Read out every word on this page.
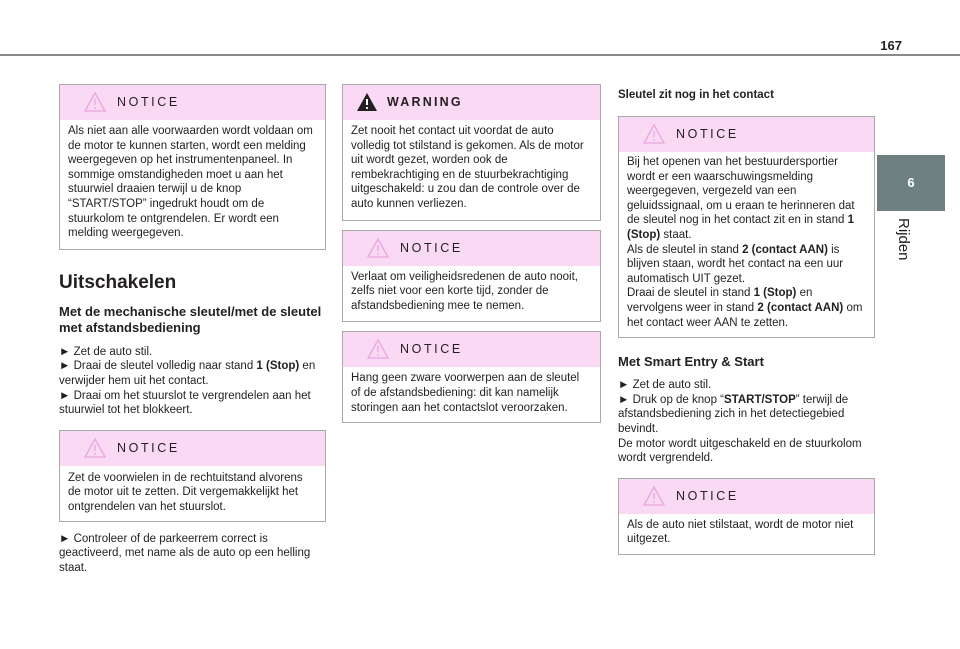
167
6
Rijden
NOTICE

Als niet aan alle voorwaarden wordt voldaan om de motor te kunnen starten, wordt een melding weergegeven op het instrumentenpaneel. In sommige omstandigheden moet u aan het stuurwiel draaien terwijl u de knop “START/STOP” ingedrukt houdt om de stuurkolom te ontgrendelen. Er wordt een melding weergegeven.

Uitschakelen
Met de mechanische sleutel/met de sleutel met afstandsbediening

► Zet de auto stil.

► Draai de sleutel volledig naar stand 1 (Stop) en verwijder hem uit het contact.

► Draai om het stuurslot te vergrendelen aan het stuurwiel tot het blokkeert.

NOTICE

Zet de voorwielen in de rechtuitstand alvorens de motor uit te zetten. Dit vergemakkelijkt het ontgrendelen van het stuurslot.

► Controleer of de parkeerrem correct is geactiveerd, met name als de auto op een helling staat.

WARNING

Zet nooit het contact uit voordat de auto volledig tot stilstand is gekomen. Als de motor uit wordt gezet, worden ook de rembekrachtiging en de stuurbekrachtiging uitgeschakeld: u zou dan de controle over de auto kunnen verliezen.

NOTICE

Verlaat om veiligheidsredenen de auto nooit, zelfs niet voor een korte tijd, zonder de afstandsbediening mee te nemen.

NOTICE

Hang geen zware voorwerpen aan de sleutel of de afstandsbediening: dit kan namelijk storingen aan het contactslot veroorzaken.

Sleutel zit nog in het contact
NOTICE

Bij het openen van het bestuurdersportier wordt er een waarschuwingsmelding weergegeven, vergezeld van een geluidssignaal, om u eraan te herinneren dat de sleutel nog in het contact zit en in stand 1 (Stop) staat.

Als de sleutel in stand 2 (contact AAN) is blijven staan, wordt het contact na een uur automatisch UIT gezet.

Draai de sleutel in stand 1 (Stop) en vervolgens weer in stand 2 (contact AAN) om het contact weer AAN te zetten.

Met Smart Entry & Start

► Zet de auto stil.

► Druk op de knop “START/STOP” terwijl de afstandsbediening zich in het detectiegebied bevindt.

De motor wordt uitgeschakeld en de stuurkolom wordt vergrendeld.

NOTICE

Als de auto niet stilstaat, wordt de motor niet uitgezet.
